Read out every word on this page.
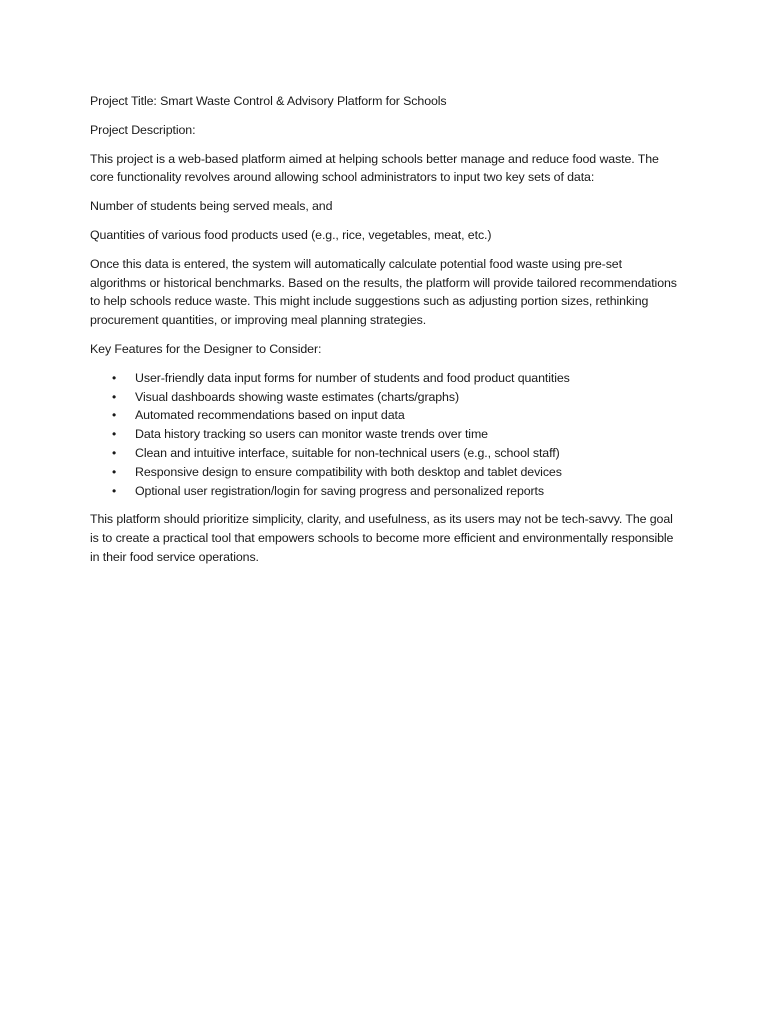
Project Title: Smart Waste Control & Advisory Platform for Schools

Project Description:

This project is a web-based platform aimed at helping schools better manage and reduce food waste. The core functionality revolves around allowing school administrators to input two key sets of data:

Number of students being served meals, and

Quantities of various food products used (e.g., rice, vegetables, meat, etc.)

Once this data is entered, the system will automatically calculate potential food waste using pre-set algorithms or historical benchmarks. Based on the results, the platform will provide tailored recommendations to help schools reduce waste. This might include suggestions such as adjusting portion sizes, rethinking procurement quantities, or improving meal planning strategies.

Key Features for the Designer to Consider:

• User-friendly data input forms for number of students and food product quantities
• Visual dashboards showing waste estimates (charts/graphs)
• Automated recommendations based on input data
• Data history tracking so users can monitor waste trends over time
• Clean and intuitive interface, suitable for non-technical users (e.g., school staff)
• Responsive design to ensure compatibility with both desktop and tablet devices
• Optional user registration/login for saving progress and personalized reports

This platform should prioritize simplicity, clarity, and usefulness, as its users may not be tech-savvy. The goal is to create a practical tool that empowers schools to become more efficient and environmentally responsible in their food service operations.
